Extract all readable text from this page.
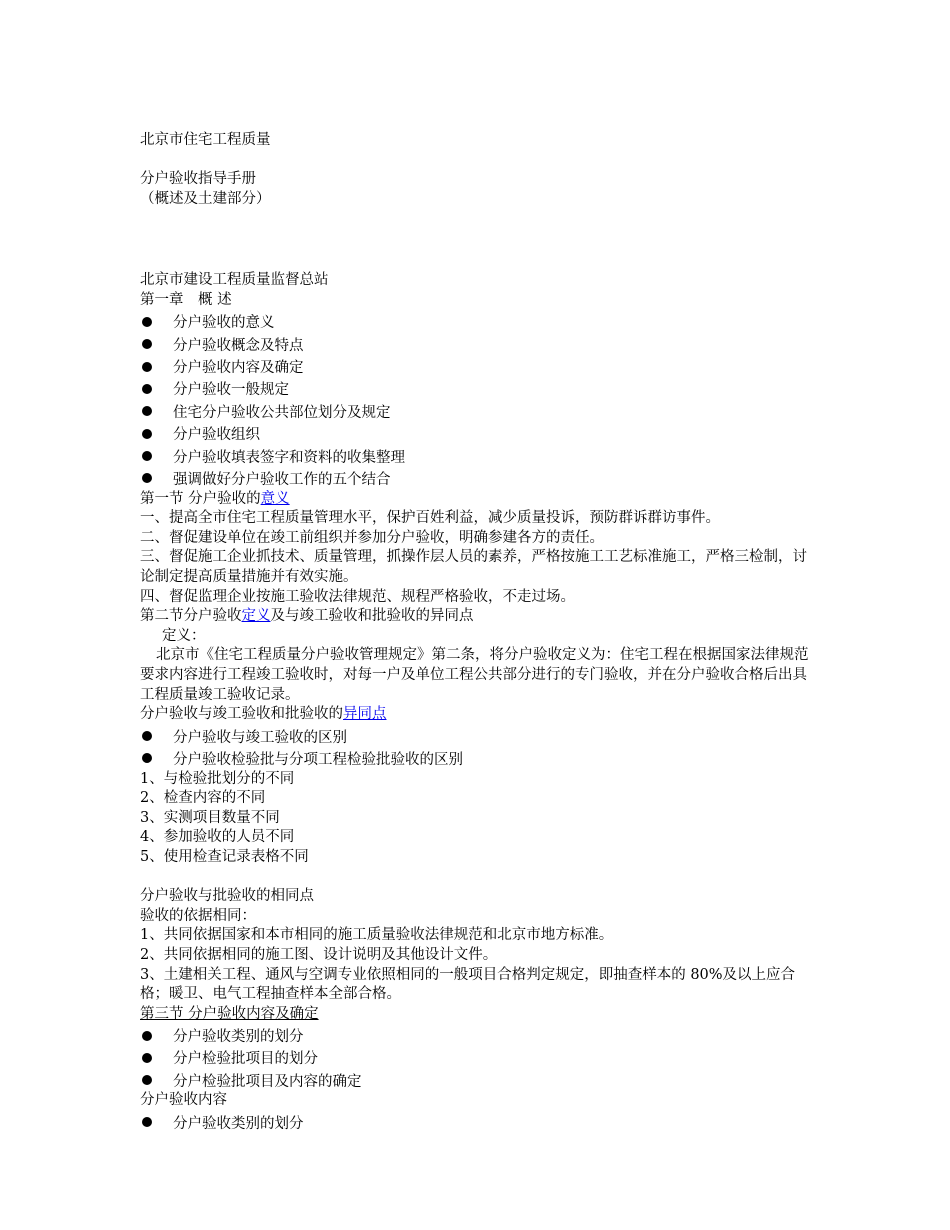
北京市住宅工程质量
分户验收指导手册
（概述及土建部分）
北京市建设工程质量监督总站
第一章　概 述
分户验收的意义
分户验收概念及特点
分户验收内容及确定
分户验收一般规定
住宅分户验收公共部位划分及规定
分户验收组织
分户验收填表签字和资料的收集整理
强调做好分户验收工作的五个结合
第一节 分户验收的意义
一、提高全市住宅工程质量管理水平，保护百姓利益，减少质量投诉，预防群诉群访事件。
二、督促建设单位在竣工前组织并参加分户验收，明确参建各方的责任。
三、督促施工企业抓技术、质量管理，抓操作层人员的素养，严格按施工工艺标准施工，严格三检制，讨论制定提高质量措施并有效实施。
四、督促监理企业按施工验收法律规范、规程严格验收，不走过场。
第二节分户验收定义及与竣工验收和批验收的异同点
定义：
北京市《住宅工程质量分户验收管理规定》第二条，将分户验收定义为：住宅工程在根据国家法律规范要求内容进行工程竣工验收时，对每一户及单位工程公共部分进行的专门验收，并在分户验收合格后出具工程质量竣工验收记录。
分户验收与竣工验收和批验收的异同点
分户验收与竣工验收的区别
分户验收检验批与分项工程检验批验收的区别
1、与检验批划分的不同
2、检查内容的不同
3、实测项目数量不同
4、参加验收的人员不同
5、使用检查记录表格不同
分户验收与批验收的相同点
验收的依据相同：
1、共同依据国家和本市相同的施工质量验收法律规范和北京市地方标准。
2、共同依据相同的施工图、设计说明及其他设计文件。
3、土建相关工程、通风与空调专业依照相同的一般项目合格判定规定，即抽查样本的 80%及以上应合格；暖卫、电气工程抽查样本全部合格。
第三节 分户验收内容及确定
分户验收类别的划分
分户检验批项目的划分
分户检验批项目及内容的确定
分户验收内容
分户验收类别的划分
